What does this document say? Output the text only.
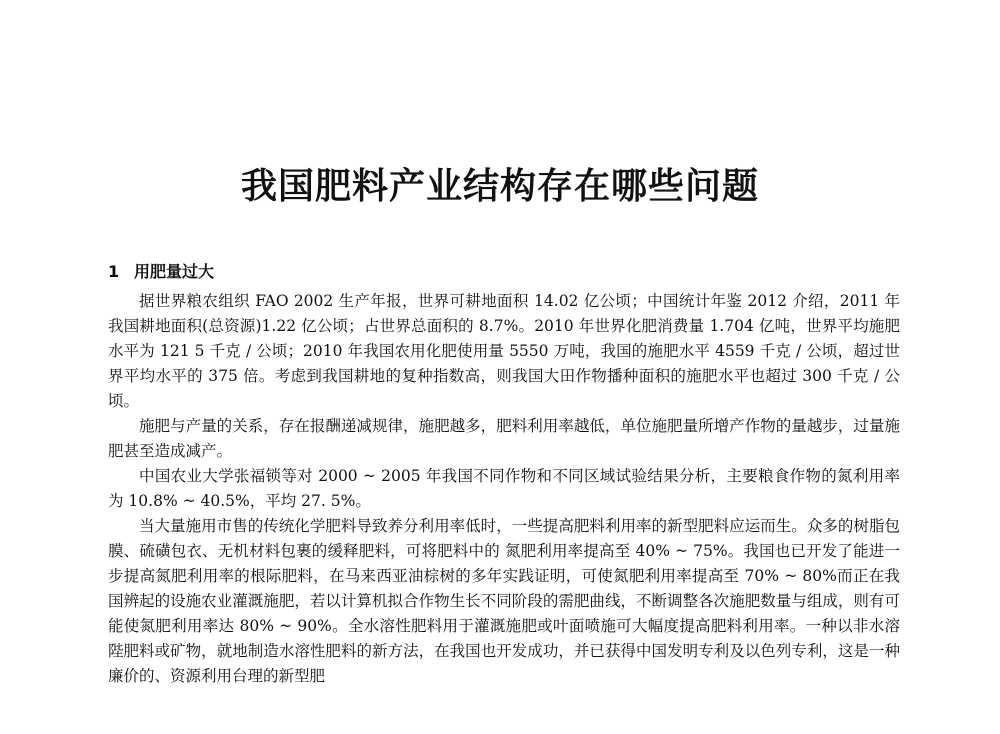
我国肥料产业结构存在哪些问题
1 用肥量过大

据世界粮农组织 FAO 2002 生产年报，世界可耕地面积 14.02 亿公顷；中国统计年鉴 2012 介绍，2011 年我国耕地面积(总资源)1.22 亿公顷；占世界总面积的 8.7%。2010 年世界化肥消费量 1.704 亿吨，世界平均施肥水平为 121 5 千克 / 公顷；2010 年我国农用化肥使用量 5550 万吨，我国的施肥水平 4559 千克 / 公顷，超过世界平均水平的 375 倍。考虑到我国耕地的复种指数高，则我国大田作物播种面积的施肥水平也超过 300 千克 / 公顷。

施肥与产量的关系，存在报酬递减规律，施肥越多，肥料利用率越低，单位施肥量所增产作物的量越步，过量施肥甚至造成减产。

中国农业大学张福锁等对 2000 ~ 2005 年我国不同作物和不同区域试验结果分析，主要粮食作物的氮利用率为 10.8% ~ 40.5%，平均 27. 5%。

当大量施用市售的传统化学肥料导致养分利用率低时，一些提高肥料利用率的新型肥料应运而生。众多的树脂包膜、硫磺包衣、无机材料包裹的缓释肥料，可将肥料中的 氮肥利用率提高至 40% ~ 75%。我国也已开发了能进一步提高氮肥利用率的根际肥料，在马来西亚油棕树的多年实践证明，可使氮肥利用率提高至 70% ~ 80%而正在我国辨起的设施农业灌溉施肥，若以计算机拟合作物生长不同阶段的需肥曲线，不断调整各次施肥数量与组成，则有可能使氮肥利用率达 80% ~ 90%。全水溶性肥料用于灌溉施肥或叶面喷施可大幅度提高肥料利用率。一种以非水溶陛肥料或矿物，就地制造水溶性肥料的新方法，在我国也开发成功，并已获得中国发明专利及以色列专利，这是一种廉价的、资源利用台理的新型肥
